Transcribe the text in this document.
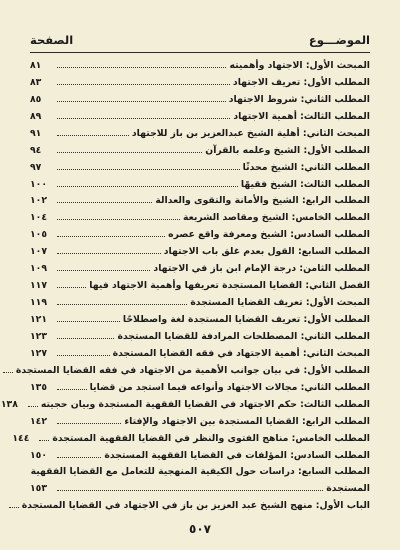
الموضـــوع
الصفحة
المبحث الأول: الاجتهاد وأهميته
٨١
المطلب الأول: تعريف الاجتهاد
٨٣
المطلب الثاني: شروط الاجتهاد
٨٥
المطلب الثالث: أهمية الاجتهاد
٨٩
المبحث الثاني: أهلية الشيخ عبدالعزيز بن باز للاجتهاد
٩١
المطلب الأول: الشيخ وعلمه بالقرآن
٩٤
المطلب الثاني: الشيخ محدثًا
٩٧
المطلب الثالث: الشيخ فقيهًا
١٠٠
المطلب الرابع: الشيخ والأمانة والتقوى والعدالة
١٠٢
المطلب الخامس: الشيخ ومقاصد الشريعة
١٠٤
المطلب السادس: الشيخ ومعرفة واقع عصره
١٠٥
المطلب السابع: القول بعدم غلق باب الاجتهاد
١٠٧
المطلب الثامن: درجة الإمام ابن باز في الاجتهاد
١٠٩
الفصل الثاني: القضايا المستجدة تعريفها وأهمية الاجتهاد فيها
١١٧
المبحث الأول: تعريف القضايا المستجدة
١١٩
المطلب الأول: تعريف القضايا المستجدة لغة واصطلاحًا
١٢١
المطلب الثاني: المصطلحات المرادفة للقضايا المستجدة
١٢٣
المبحث الثاني: أهمية الاجتهاد في فقه القضايا المستجدة
١٢٧
المطلب الأول: في بيان جوانب الأهمية من الاجتهاد في فقه القضايا المستجدة
المطلب الثاني: مجالات الاجتهاد وأنواعه فيما استجد من قضايا
١٣٥
المطلب الثالث: حكم الاجتهاد في القضايا الفقهية المستجدة وبيان حجيته
١٣٨
المطلب الرابع: القضايا المستجدة بين الاجتهاد والإفتاء
١٤٢
المطلب الخامس: مناهج الفتوى والنظر في القضايا الفقهية المستجدة
١٤٤
المطلب السادس: المؤلفات في القضايا الفقهية المستجدة
١٥٠
المطلب السابع: دراسات حول الكيفية المنهجية للتعامل مع القضايا الفقهية
المستجدة
١٥٣
الباب الأول: منهج الشيخ عبد العزيز بن باز في الاجتهاد في القضايا المستجدة
٥٠٧
